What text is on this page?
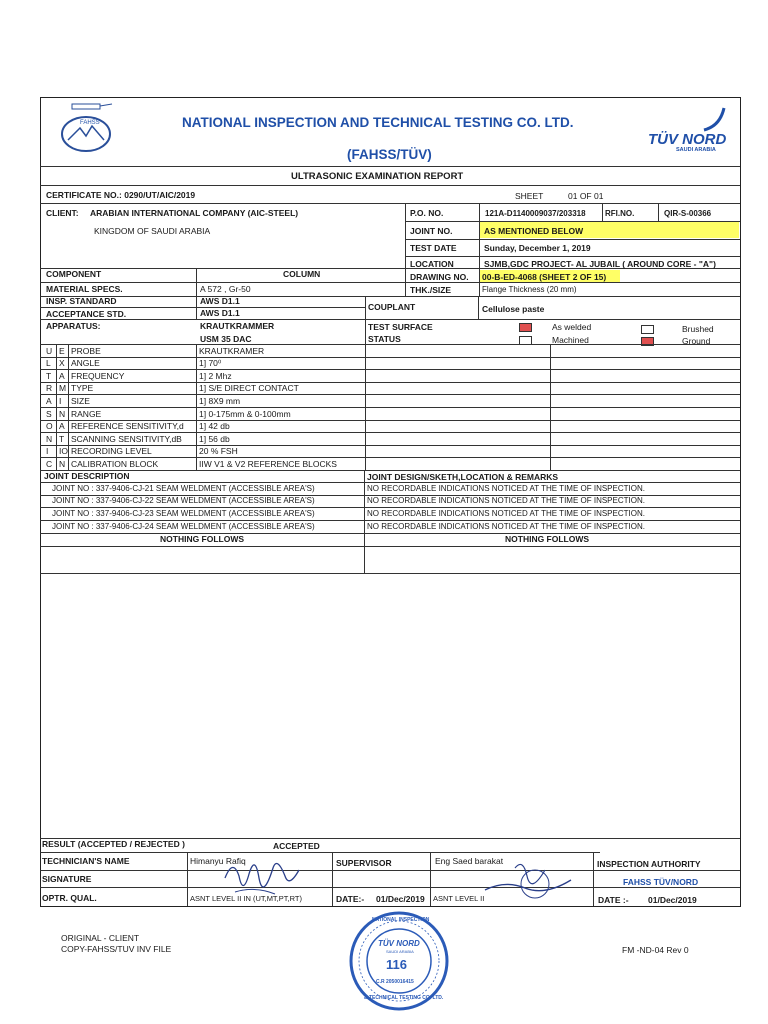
FAHSS	NATIONAL INSPECTION AND TECHNICAL TESTING CO. LTD.
(FAHSS/TÜV)
TÜV NORD
SAUDI ARABIA
ULTRASONIC EXAMINATION REPORT
CERTIFICATE NO.: 0290/UT/AIC/2019	SHEET	01 OF 01
CLIENT: ARABIAN INTERNATIONAL COMPANY (AIC-STEEL)
KINGDOM OF SAUDI ARABIA
P.O. NO.	121A-D1140009037/203318 RFI.NO.	QIR-S-00366
JOINT NO.	AS MENTIONED BELOW
TEST DATE	Sunday, December 1, 2019
LOCATION	SJMB,GDC PROJECT- AL JUBAIL ( AROUND CORE - "A")
COMPONENT	COLUMN	DRAWING NO. 00-B-ED-4068 (SHEET 2 OF 15)
MATERIAL SPECS.	A 572 , Gr-50	THK./SIZE	Flange Thickness (20 mm)
INSP. STANDARD	AWS D1.1
ACCEPTANCE STD.	AWS D1.1
COUPLANT	Cellulose paste
APPARATUS:	KRAUTKRAMMER
USM 35 DAC
TEST SURFACE
STATUS
As welded	Brushed
Machined	Ground
U E PROBE	KRAUTKRAMER
L X ANGLE	1] 70⁰
T A FREQUENCY	1] 2 Mhz
R M TYPE	1] S/E DIRECT CONTACT
A I SIZE	1] 8X9 mm
S N RANGE	1] 0-175mm & 0-100mm
O A REFERENCE SENSITIVITY,d 1] 42 db
N T SCANNING SENSITIVITY,dB 1] 56 db
I IO RECORDING LEVEL	20 % FSH
C N CALIBRATION BLOCK	IIW V1 & V2 REFERENCE BLOCKS
JOINT DESCRIPTION	JOINT DESIGN/SKETH,LOCATION & REMARKS
JOINT NO : 337-9406-CJ-21 SEAM WELDMENT (ACCESSIBLE AREA'S)	NO RECORDABLE INDICATIONS NOTICED AT THE TIME OF INSPECTION.
JOINT NO : 337-9406-CJ-22 SEAM WELDMENT (ACCESSIBLE AREA'S)	NO RECORDABLE INDICATIONS NOTICED AT THE TIME OF INSPECTION.
JOINT NO : 337-9406-CJ-23 SEAM WELDMENT (ACCESSIBLE AREA'S)	NO RECORDABLE INDICATIONS NOTICED AT THE TIME OF INSPECTION.
JOINT NO : 337-9406-CJ-24 SEAM WELDMENT (ACCESSIBLE AREA'S)	NO RECORDABLE INDICATIONS NOTICED AT THE TIME OF INSPECTION.
NOTHING FOLLOWS	NOTHING FOLLOWS
RESULT (ACCEPTED / REJECTED )	ACCEPTED
TECHNICIAN'S NAME	Himanyu Rafiq	SUPERVISOR	Eng Saed barakat	INSPECTION AUTHORITY
FAHSS TÜV/NORD
SIGNATURE
OPTR. QUAL.	ASNT LEVEL II IN (UT,MT,PT,RT)	DATE:- 01/Dec/2019 ASNT LEVEL II	DATE :- 01/Dec/2019
ORIGINAL - CLIENT
COPY-FAHSS/TUV INV FILE	FM -ND-04 Rev 0
NATIONAL INSPECTION
TÜV NORD
SAUDI ARABIA
116
C.R 2050016415
& TECHNICAL TESTING CO. LTD.
